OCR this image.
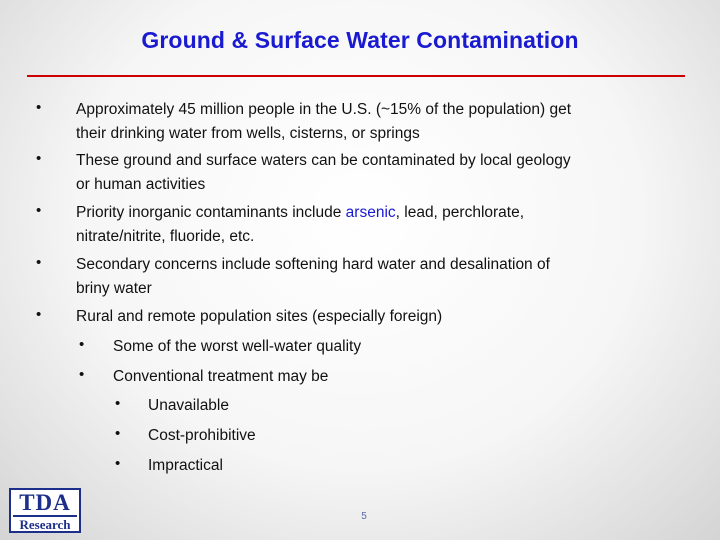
Ground & Surface Water Contamination
• Approximately 45 million people in the U.S. (~15% of the population) get
their drinking water from wells, cisterns, or springs
• These ground and surface waters can be contaminated by local geology
or human activities
• Priority inorganic contaminants include arsenic, lead, perchlorate,
nitrate/nitrite, fluoride, etc.
• Secondary concerns include softening hard water and desalination of
briny water
• Rural and remote population sites (especially foreign)
• Some of the worst well-water quality
• Conventional treatment may be
• Unavailable
• Cost-prohibitive
• Impractical
TDA
Research
5
